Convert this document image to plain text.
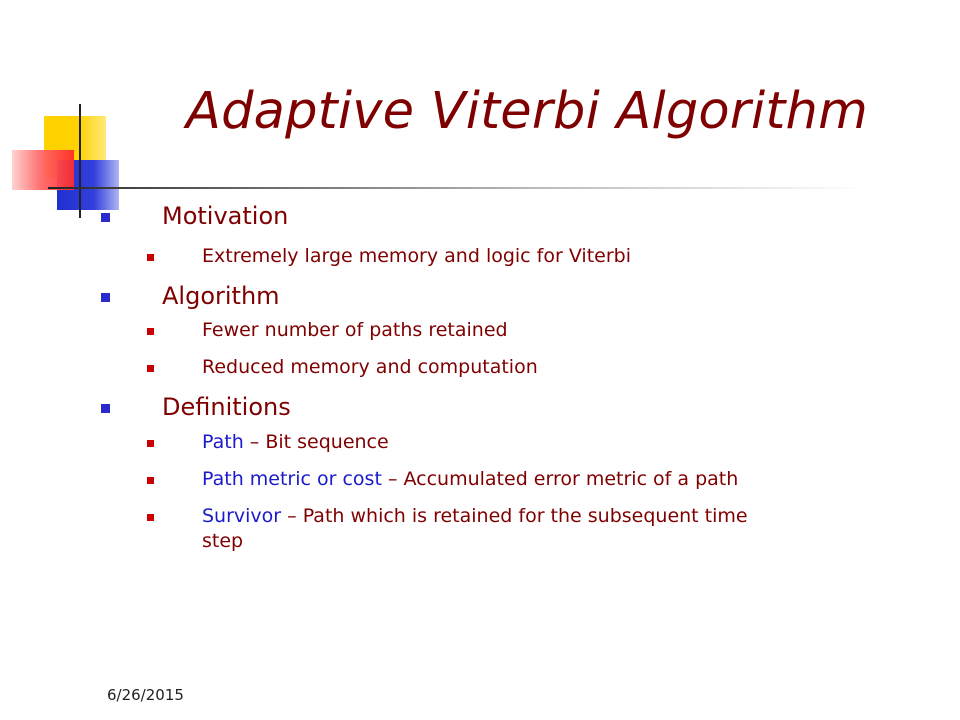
Adaptive Viterbi Algorithm
Motivation
Extremely large memory and logic for Viterbi
Algorithm
Fewer number of paths retained
Reduced memory and computation
Definitions
Path – Bit sequence
Path metric or cost – Accumulated error metric of a path
Survivor – Path which is retained for the subsequent time
step
6/26/2015
